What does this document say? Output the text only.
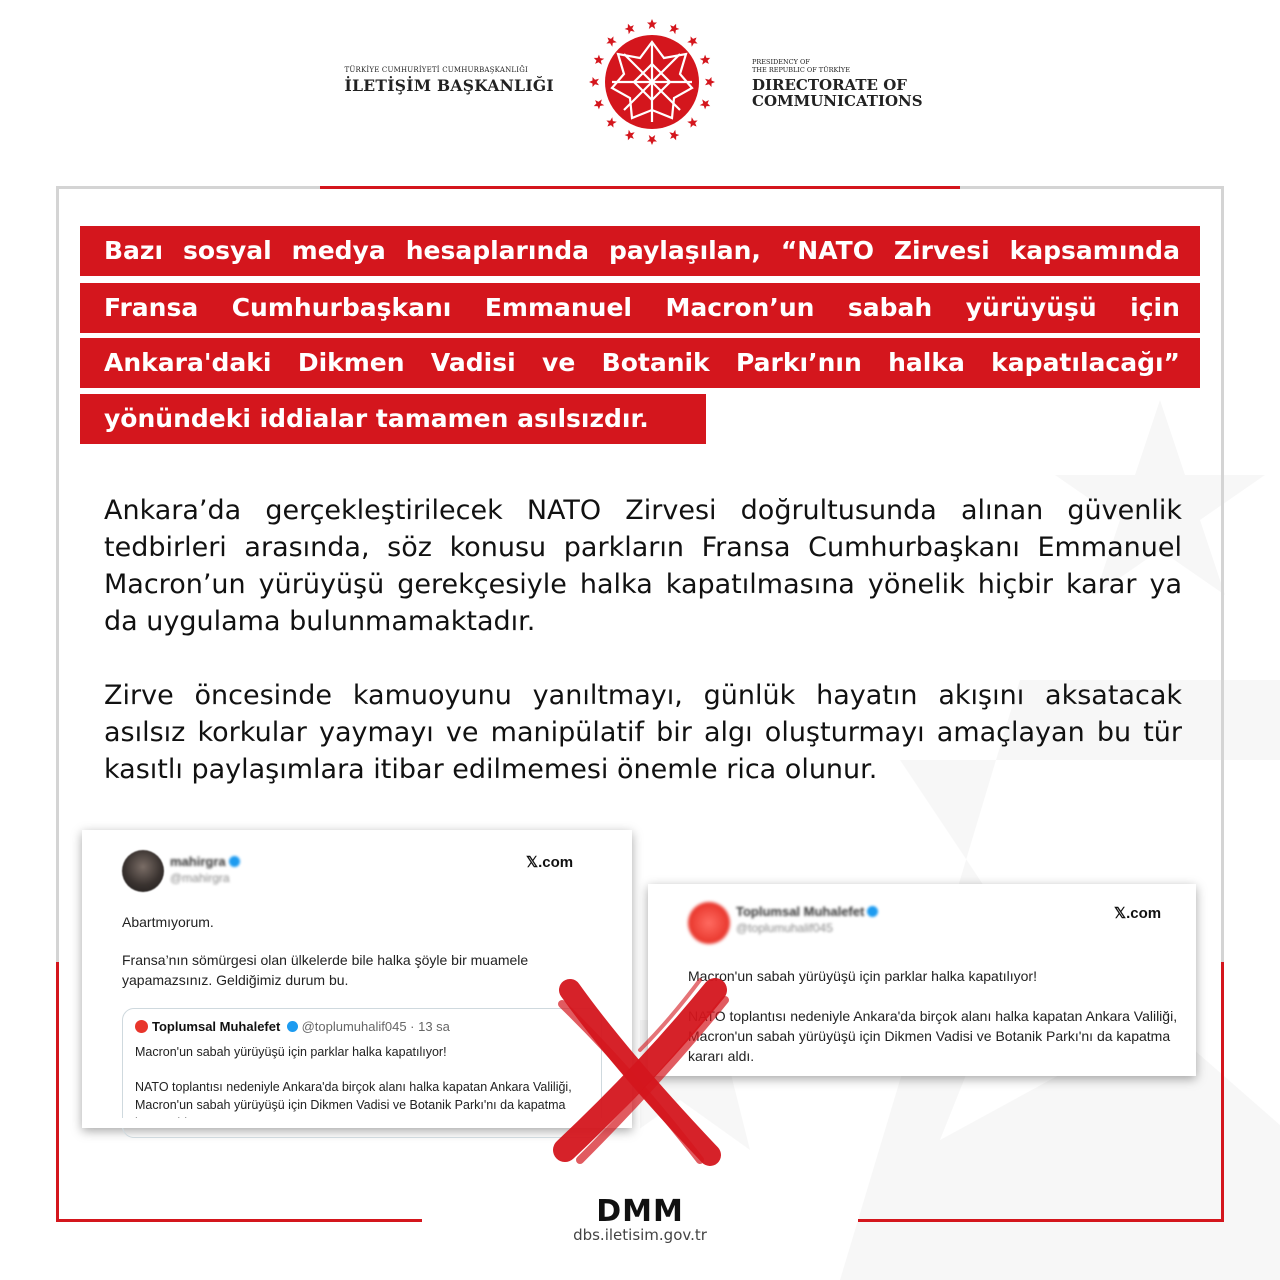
TÜRKİYE CUMHURİYETİ CUMHURBAŞKANLIĞI
İLETİŞİM BAŞKANLIĞI
PRESIDENCY OF
THE REPUBLIC OF TÜRKİYE
DIRECTORATE OF
COMMUNICATIONS
Bazı sosyal medya hesaplarında paylaşılan, “NATO Zirvesi kapsamında
Fransa Cumhurbaşkanı Emmanuel Macron’un sabah yürüyüşü için
Ankara'daki Dikmen Vadisi ve Botanik Parkı’nın halka kapatılacağı”
yönündeki iddialar tamamen asılsızdır.

Ankara’da gerçekleştirilecek NATO Zirvesi doğrultusunda alınan güvenlik tedbirleri arasında, söz konusu parkların Fransa Cumhurbaşkanı Emmanuel Macron’un yürüyüşü gerekçesiyle halka kapatılmasına yönelik hiçbir karar ya da uygulama bulunmamaktadır.

Zirve öncesinde kamuoyunu yanıltmayı, günlük hayatın akışını aksatacak asılsız korkular yaymayı ve manipülatif bir algı oluşturmayı amaçlayan bu tür kasıtlı paylaşımlara itibar edilmemesi önemle rica olunur.

mahirgra
@mahirgra
𝕏.com
Abartmıyorum.
Fransa’nın sömürgesi olan ülkelerde bile halka şöyle bir muamele yapamazsınız. Geldiğimiz durum bu.
Toplumsal Muhalefet @toplumuhalif045 · 13 sa
Macron'un sabah yürüyüşü için parklar halka kapatılıyor!
NATO toplantısı nedeniyle Ankara'da birçok alanı halka kapatan Ankara Valiliği, Macron'un sabah yürüyüşü için Dikmen Vadisi ve Botanik Parkı'nı da kapatma
Toplumsal Muhalefet
@toplumuhalif045
𝕏.com
Macron'un sabah yürüyüşü için parklar halka kapatılıyor!
NATO toplantısı nedeniyle Ankara'da birçok alanı halka kapatan Ankara Valiliği, Macron'un sabah yürüyüşü için Dikmen Vadisi ve Botanik Parkı'nı da kapatma kararı aldı.
DMM
dbs.iletisim.gov.tr
